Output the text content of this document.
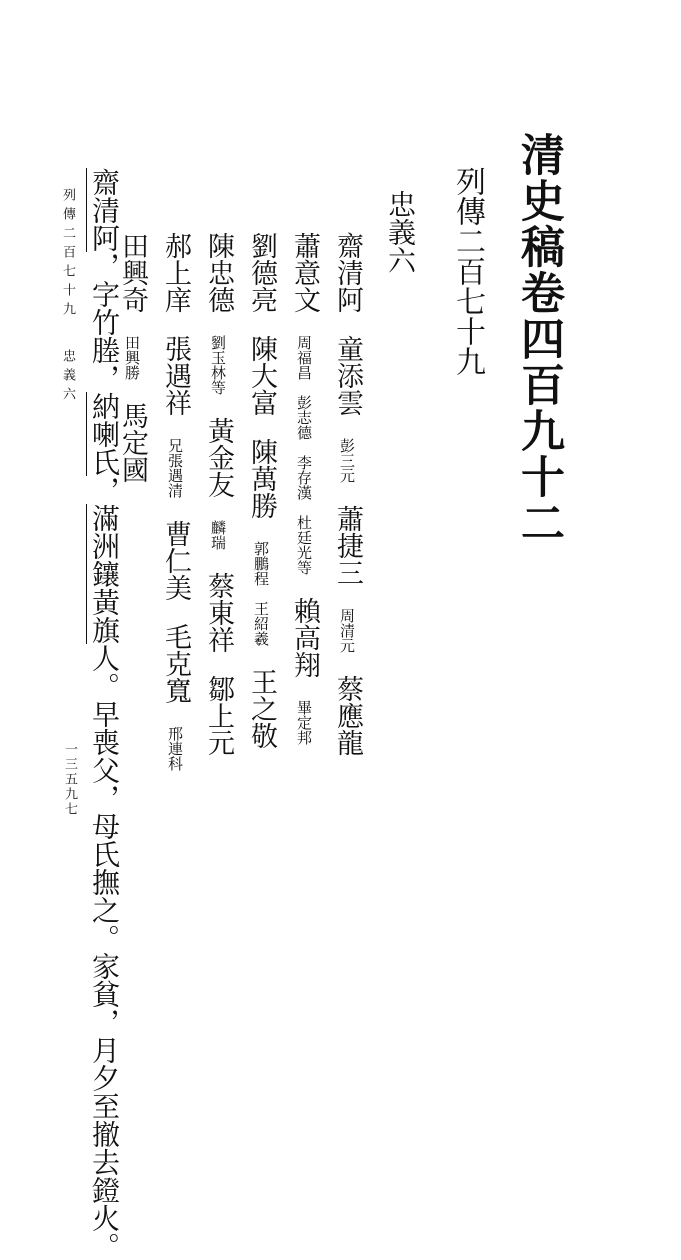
清史稿卷四百九十二
列傳二百七十九
忠義六
齋清阿童添雲彭三元蕭捷三周清元蔡應龍
蕭意文周福昌　彭志德　李存漢　杜廷光等賴高翔畢定邦
劉德亮陳大富陳萬勝郭鵬程　王紹羲王之敬
陳忠德劉玉林等黃金友麟瑞蔡東祥鄒上元
郝上庠張遇祥兄張遇清曹仁美毛克寬邢連科
田興奇田興勝馬定國
齋清阿，字竹塍，納喇氏，滿洲鑲黃旗人。早喪父，母氏撫之。家貧，月夕至撤去鐙火。
列傳二百七十九忠義六
一三五九七
